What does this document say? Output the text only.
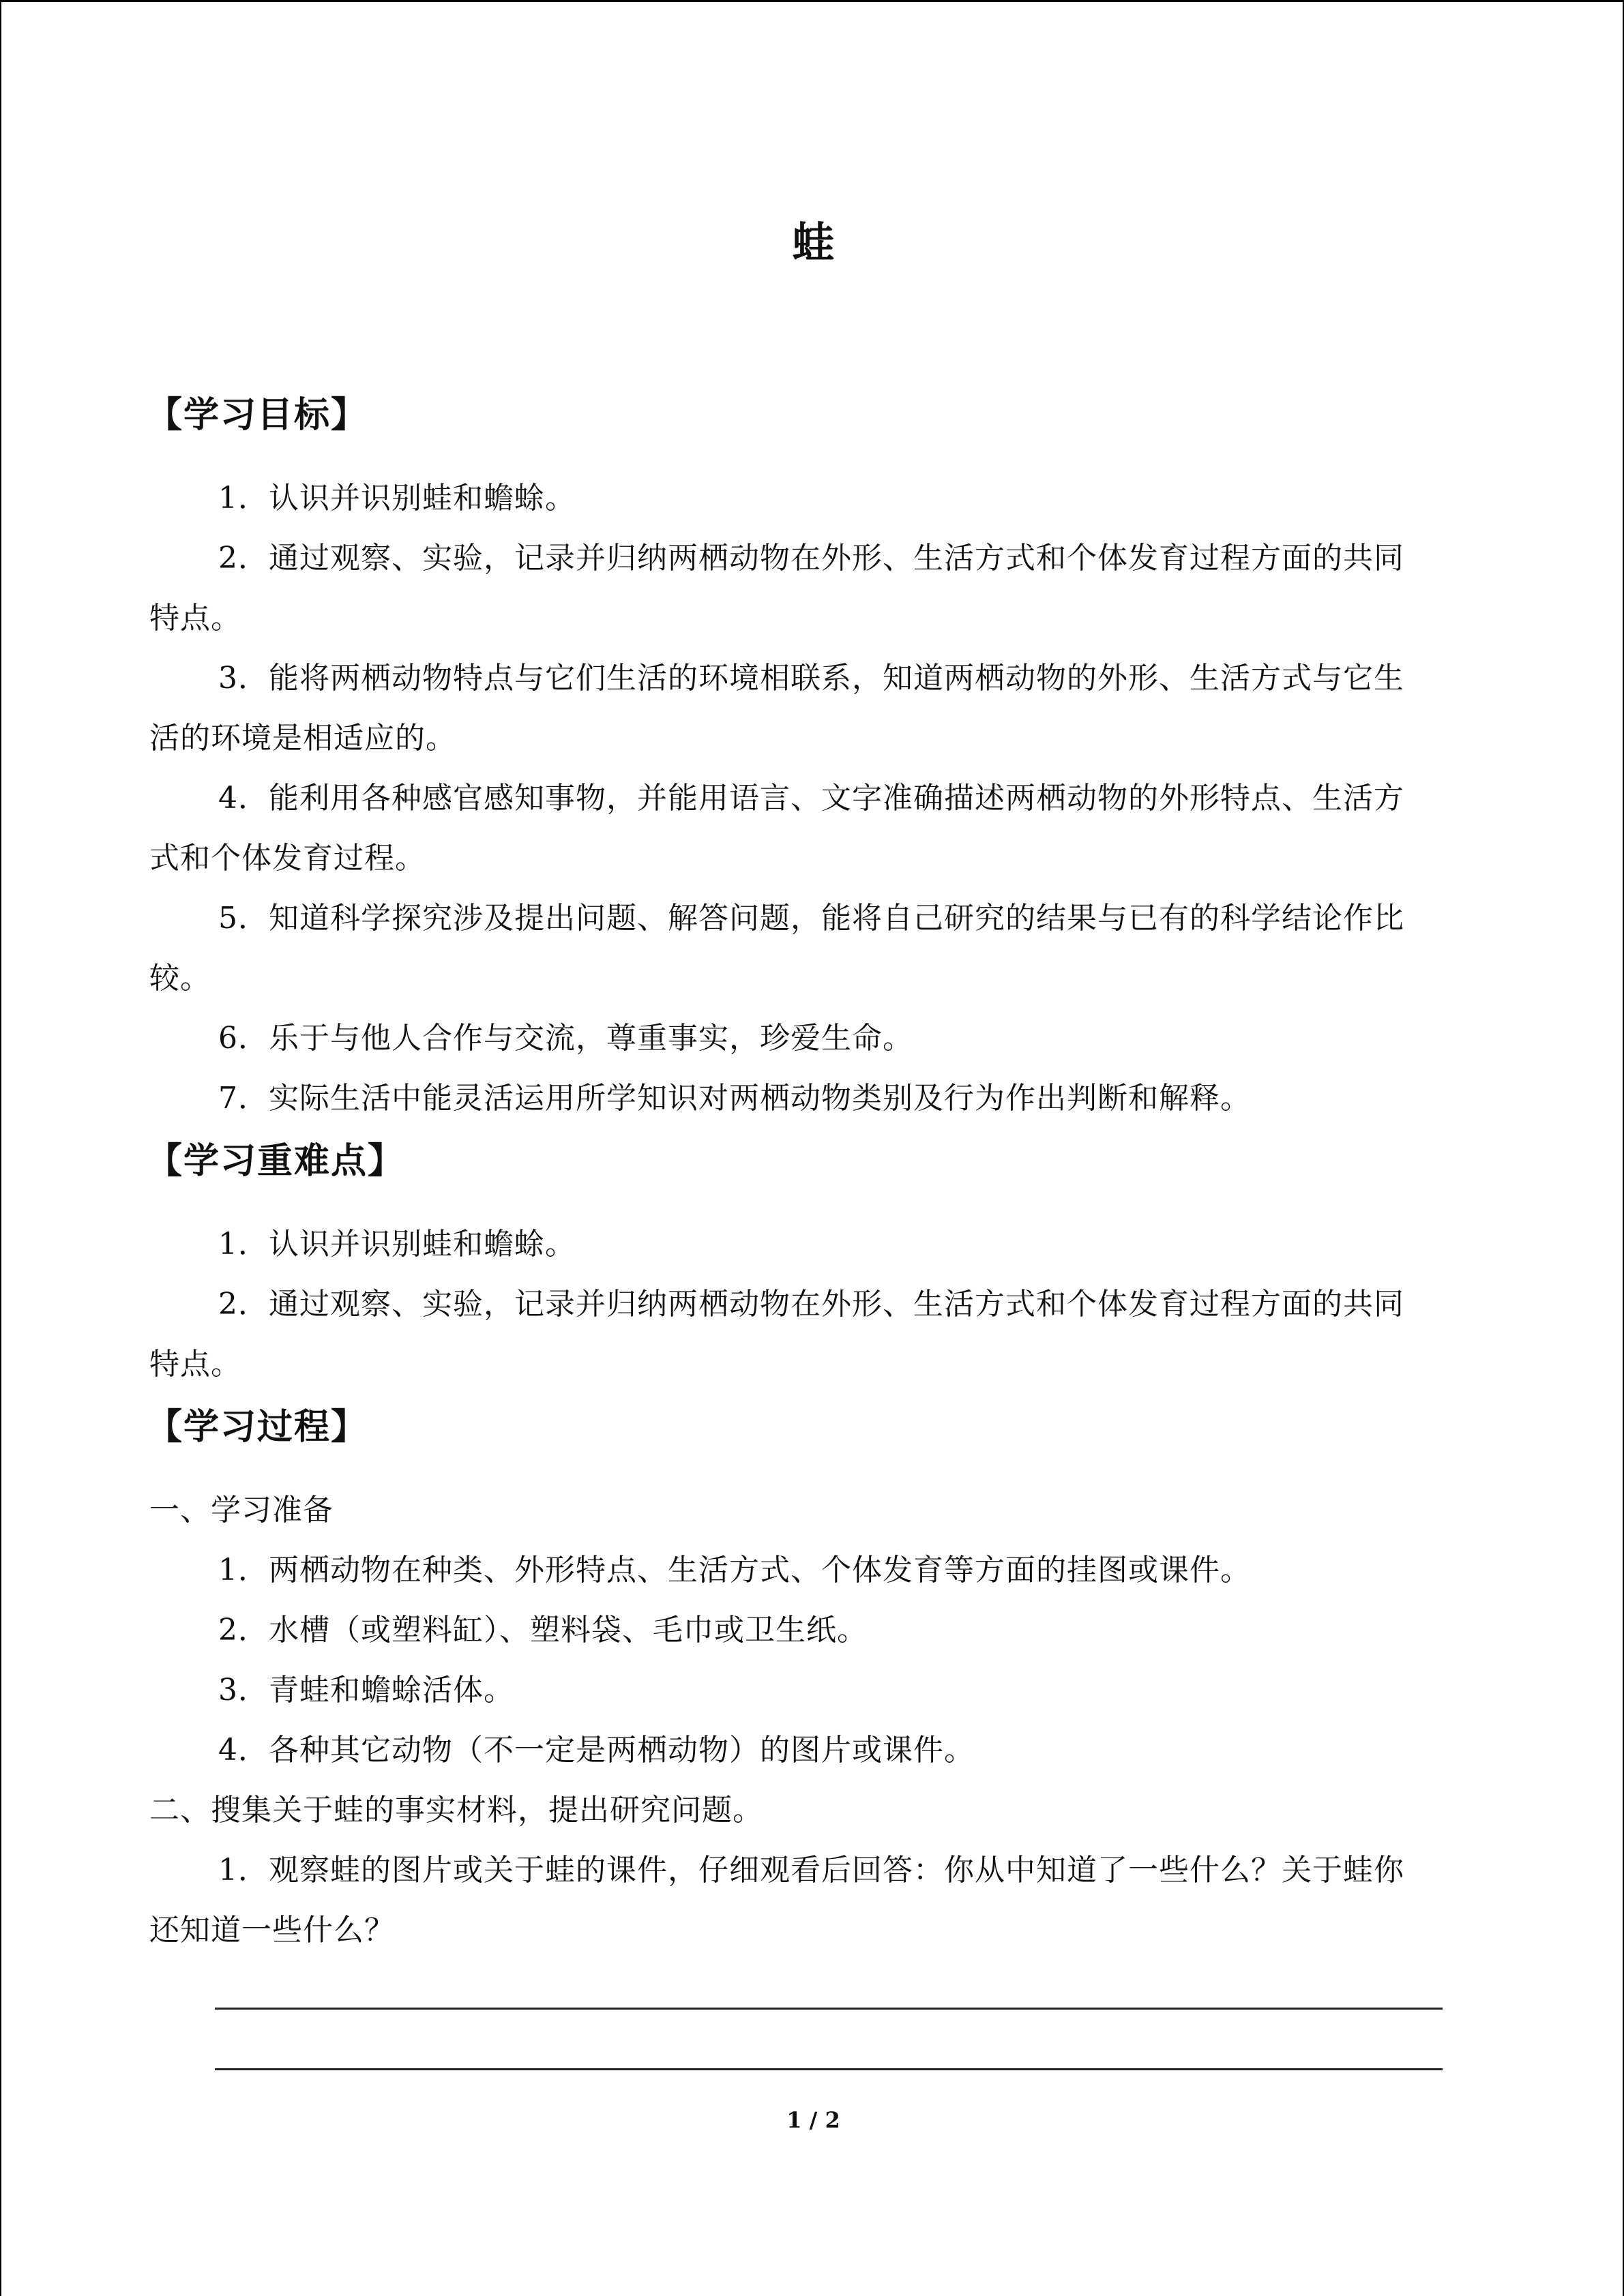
蛙
【学习目标】
1．认识并识别蛙和蟾蜍。
2．通过观察、实验，记录并归纳两栖动物在外形、生活方式和个体发育过程方面的共同
特点。
3．能将两栖动物特点与它们生活的环境相联系，知道两栖动物的外形、生活方式与它生
活的环境是相适应的。
4．能利用各种感官感知事物，并能用语言、文字准确描述两栖动物的外形特点、生活方
式和个体发育过程。
5．知道科学探究涉及提出问题、解答问题，能将自己研究的结果与已有的科学结论作比
较。
6．乐于与他人合作与交流，尊重事实，珍爱生命。
7．实际生活中能灵活运用所学知识对两栖动物类别及行为作出判断和解释。
【学习重难点】
1．认识并识别蛙和蟾蜍。
2．通过观察、实验，记录并归纳两栖动物在外形、生活方式和个体发育过程方面的共同
特点。
【学习过程】
一、学习准备
1．两栖动物在种类、外形特点、生活方式、个体发育等方面的挂图或课件。
2．水槽（或塑料缸）、塑料袋、毛巾或卫生纸。
3．青蛙和蟾蜍活体。
4．各种其它动物（不一定是两栖动物）的图片或课件。
二、搜集关于蛙的事实材料，提出研究问题。
1．观察蛙的图片或关于蛙的课件，仔细观看后回答：你从中知道了一些什么？关于蛙你
还知道一些什么？
1 / 2
